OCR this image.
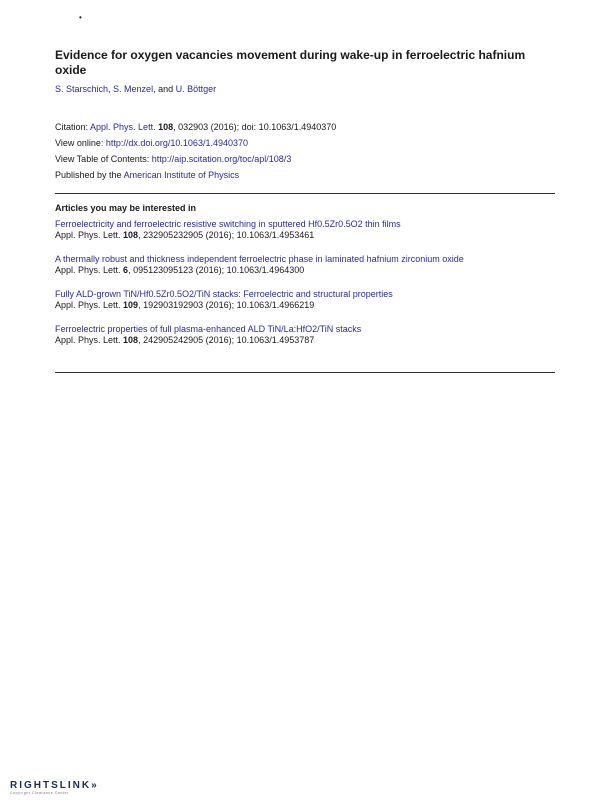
•
Evidence for oxygen vacancies movement during wake-up in ferroelectric hafnium oxide
S. Starschich, S. Menzel, and U. Böttger
Citation: Appl. Phys. Lett. 108, 032903 (2016); doi: 10.1063/1.4940370
View online: http://dx.doi.org/10.1063/1.4940370
View Table of Contents: http://aip.scitation.org/toc/apl/108/3
Published by the American Institute of Physics
Articles you may be interested in
Ferroelectricity and ferroelectric resistive switching in sputtered Hf0.5Zr0.5O2 thin films
Appl. Phys. Lett. 108, 232905232905 (2016); 10.1063/1.4953461
A thermally robust and thickness independent ferroelectric phase in laminated hafnium zirconium oxide
Appl. Phys. Lett. 6, 095123095123 (2016); 10.1063/1.4964300
Fully ALD-grown TiN/Hf0.5Zr0.5O2/TiN stacks: Ferroelectric and structural properties
Appl. Phys. Lett. 109, 192903192903 (2016); 10.1063/1.4966219
Ferroelectric properties of full plasma-enhanced ALD TiN/La:HfO2/TiN stacks
Appl. Phys. Lett. 108, 242905242905 (2016); 10.1063/1.4953787
RIGHTSLINK»
Copyright Clearance Center
